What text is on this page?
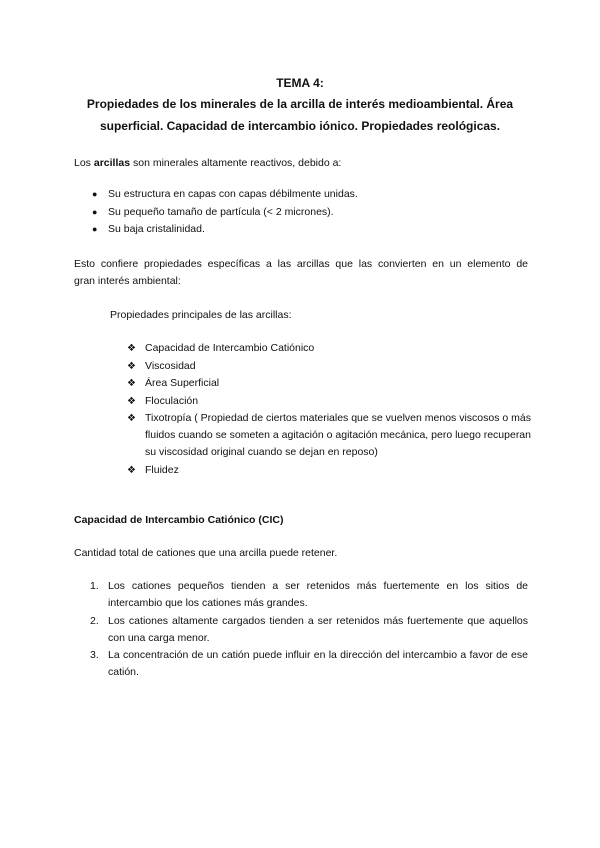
TEMA 4:
Propiedades de los minerales de la arcilla de interés medioambiental. Área
superficial. Capacidad de intercambio iónico. Propiedades reológicas.
Los arcillas son minerales altamente reactivos, debido a:
● Su estructura en capas con capas débilmente unidas.
● Su pequeño tamaño de partícula (< 2 micrones).
● Su baja cristalinidad.
Esto confiere propiedades específicas a las arcillas que las convierten en un elemento de
gran interés ambiental:
Propiedades principales de las arcillas:
❖ Capacidad de Intercambio Catiónico
❖ Viscosidad
❖ Área Superficial
❖ Floculación
❖ Tixotropía ( Propiedad de ciertos materiales que se vuelven menos viscosos o más fluidos cuando se someten a agitación o agitación mecánica, pero luego recuperan su viscosidad original cuando se dejan en reposo)
❖ Fluidez
Capacidad de Intercambio Catiónico (CIC)
Cantidad total de cationes que una arcilla puede retener.
1. Los cationes pequeños tienden a ser retenidos más fuertemente en los sitios de intercambio que los cationes más grandes.
2. Los cationes altamente cargados tienden a ser retenidos más fuertemente que aquellos con una carga menor.
3. La concentración de un catión puede influir en la dirección del intercambio a favor de ese catión.
